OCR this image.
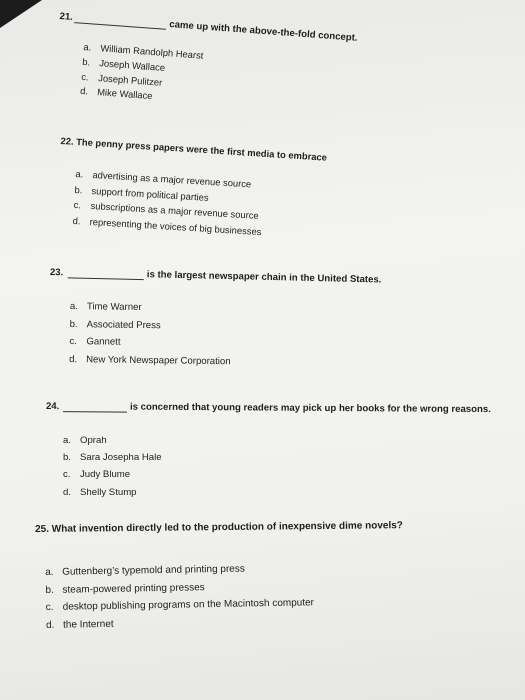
21. came up with the above-the-fold concept.
a. William Randolph Hearst
b. Joseph Wallace
c. Joseph Pulitzer
d. Mike Wallace
22. The penny press papers were the first media to embrace
a. advertising as a major revenue source
b. support from political parties
c. subscriptions as a major revenue source
d. representing the voices of big businesses
23.	is the largest newspaper chain in the United States.
a. Time Warner
b. Associated Press
c. Gannett
d. New York Newspaper Corporation
24.	is concerned that young readers may pick up her books for the wrong reasons.
a. Oprah
b. Sara Josepha Hale
c. Judy Blume
d. Shelly Stump
25. What invention directly led to the production of inexpensive dime novels?
a. Guttenberg’s typemold and printing press
b. steam-powered printing presses
c. desktop publishing programs on the Macintosh computer
d. the Internet
